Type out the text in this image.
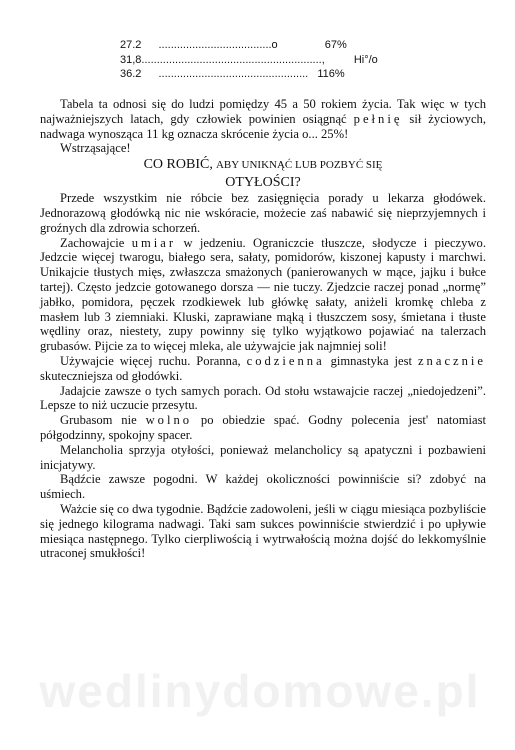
27.2 .....................................o	67%
31,8...........................................................,	Hi°/o
36.2 ................................................. 116%

Tabela ta odnosi się do ludzi pomiędzy 45 a 50 rokiem życia. Tak więc w tych najważniejszych latach, gdy człowiek powinien osiągnąć pełnię sił życiowych, nadwaga wynosząca 11 kg oznacza skrócenie życia o... 25%!

Wstrząsające!

CO ROBIĆ, ABY UNIKNĄĆ LUB POZBYĆ SIĘ
OTYŁOŚCI?

Przede wszystkim nie róbcie bez zasięgnięcia porady u lekarza głodówek. Jednorazową głodówką nic nie wskóracie, możecie zaś nabawić się nieprzyjemnych i groźnych dla zdrowia schorzeń.

Zachowajcie umiar w jedzeniu. Ograniczcie tłuszcze, słodycze i pieczywo. Jedzcie więcej twarogu, białego sera, sałaty, pomidorów, kiszonej kapusty i marchwi. Unikajcie tłustych mięs, zwłaszcza smażonych (panierowanych w mące, jajku i bułce tartej). Często jedzcie gotowanego dorsza — nie tuczy. Zjedzcie raczej ponad „normę” jabłko, pomidora, pęczek rzodkiewek lub główkę sałaty, aniżeli kromkę chleba z masłem lub 3 ziemniaki. Kluski, zaprawiane mąką i tłuszczem sosy, śmietana i tłuste wędliny oraz, niestety, zupy powinny się tylko wyjątkowo pojawiać na talerzach grubasów. Pijcie za to więcej mleka, ale używajcie jak najmniej soli!

Używajcie więcej ruchu. Poranna, codzienna gimnastyka jest znacznie skuteczniejsza od głodówki.

Jadajcie zawsze o tych samych porach. Od stołu wstawajcie raczej „niedojedzeni”. Lepsze to niż uczucie przesytu.

Grubasom nie wolno po obiedzie spać. Godny polecenia jest' natomiast półgodzinny, spokojny spacer.

Melancholia sprzyja otyłości, ponieważ melancholicy są apatyczni i pozbawieni inicjatywy.

Bądźcie zawsze pogodni. W każdej okoliczności powinniście si? zdobyć na uśmiech.

Ważcie się co dwa tygodnie. Bądźcie zadowoleni, jeśli w ciągu miesiąca pozbyliście się jednego kilograma nadwagi. Taki sam sukces powinniście stwierdzić i po upływie miesiąca następnego. Tylko cierpliwością i wytrwałością można dojść do lekkomyślnie utraconej smukłości!

wedlinydomowe.pl
